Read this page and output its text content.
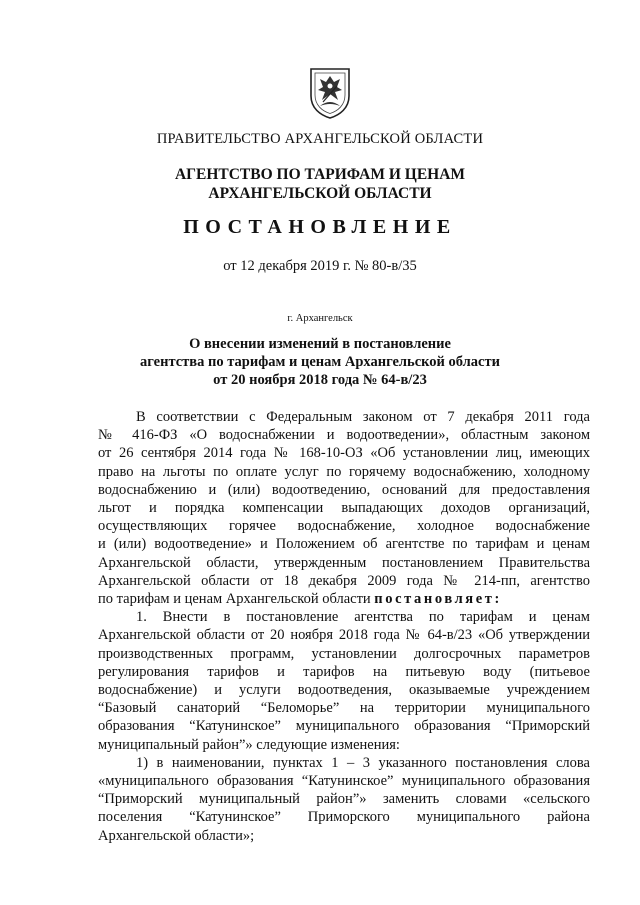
ПРАВИТЕЛЬСТВО АРХАНГЕЛЬСКОЙ ОБЛАСТИ
АГЕНТСТВО ПО ТАРИФАМ И ЦЕНАМ
АРХАНГЕЛЬСКОЙ ОБЛАСТИ
ПОСТАНОВЛЕНИЕ
от 12 декабря 2019 г. № 80-в/35
г. Архангельск
О внесении изменений в постановление
агентства по тарифам и ценам Архангельской области
от 20 ноября 2018 года № 64-в/23

В соответствии с Федеральным законом от 7 декабря 2011 года
№ 416-ФЗ «О водоснабжении и водоотведении», областным законом
от 26 сентября 2014 года № 168-10-ОЗ «Об установлении лиц, имеющих
право на льготы по оплате услуг по горячему водоснабжению, холодному
водоснабжению и (или) водоотведению, оснований для предоставления
льгот и порядка компенсации выпадающих доходов организаций,
осуществляющих горячее водоснабжение, холодное водоснабжение
и (или) водоотведение» и Положением об агентстве по тарифам и ценам
Архангельской области, утвержденным постановлением Правительства
Архангельской области от 18 декабря 2009 года № 214-пп, агентство
по тарифам и ценам Архангельской области постановляет:

1. Внести в постановление агентства по тарифам и ценам
Архангельской области от 20 ноября 2018 года № 64-в/23 «Об утверждении
производственных программ, установлении долгосрочных параметров
регулирования тарифов и тарифов на питьевую воду (питьевое
водоснабжение) и услуги водоотведения, оказываемые учреждением
“Базовый санаторий “Беломорье” на территории муниципального
образования “Катунинское” муниципального образования “Приморский
муниципальный район”» следующие изменения:

1) в наименовании, пунктах 1 – 3 указанного постановления слова
«муниципального образования “Катунинское” муниципального образования
“Приморский муниципальный район”» заменить словами «сельского
поселения “Катунинское” Приморского муниципального района
Архангельской области»;
